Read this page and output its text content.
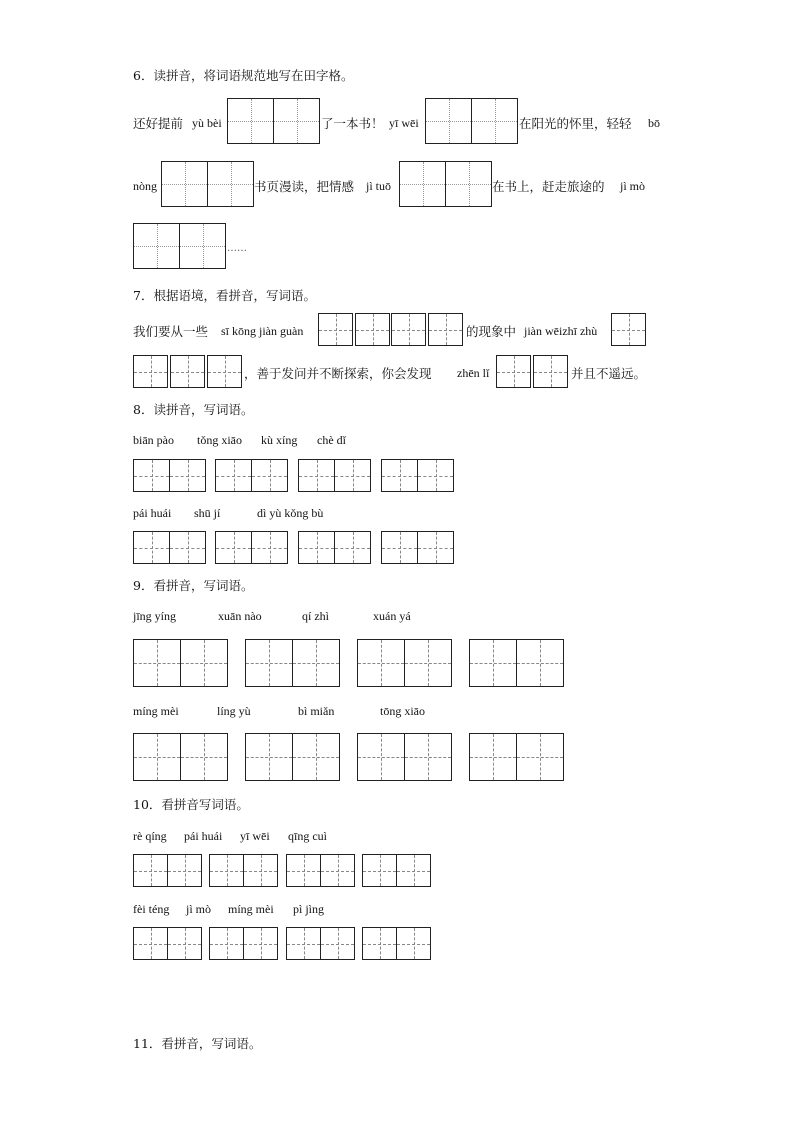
6．读拼音，将词语规范地写在田字格。
还好提前 yù bèi	了一本书！ yī wēi	在阳光的怀里，轻轻 bō
nòng	书页漫读，把情感 jì tuō	在书上，赶走旅途的 jì mò
……
7．根据语境，看拼音，写词语。
我们要从一些 sī kōng jiàn guàn	的现象中 jiàn wēizhī zhù
，善于发问并不断探索，你会发现 zhēn lǐ	并且不遥远。
8．读拼音，写词语。
biān pào tǒng xiāo kù xíng chè dǐ
pái huái shū jí	dì yù kǒng bù
9．看拼音，写词语。
jīng yíng	xuān nào	qí zhì	xuán yá
míng mèi	líng yù	bì miǎn	tōng xiāo
10．看拼音写词语。
rè qíng pái huái yī wēi qīng cuì
fèi téng jì mò míng mèi pì jìng
11．看拼音，写词语。
